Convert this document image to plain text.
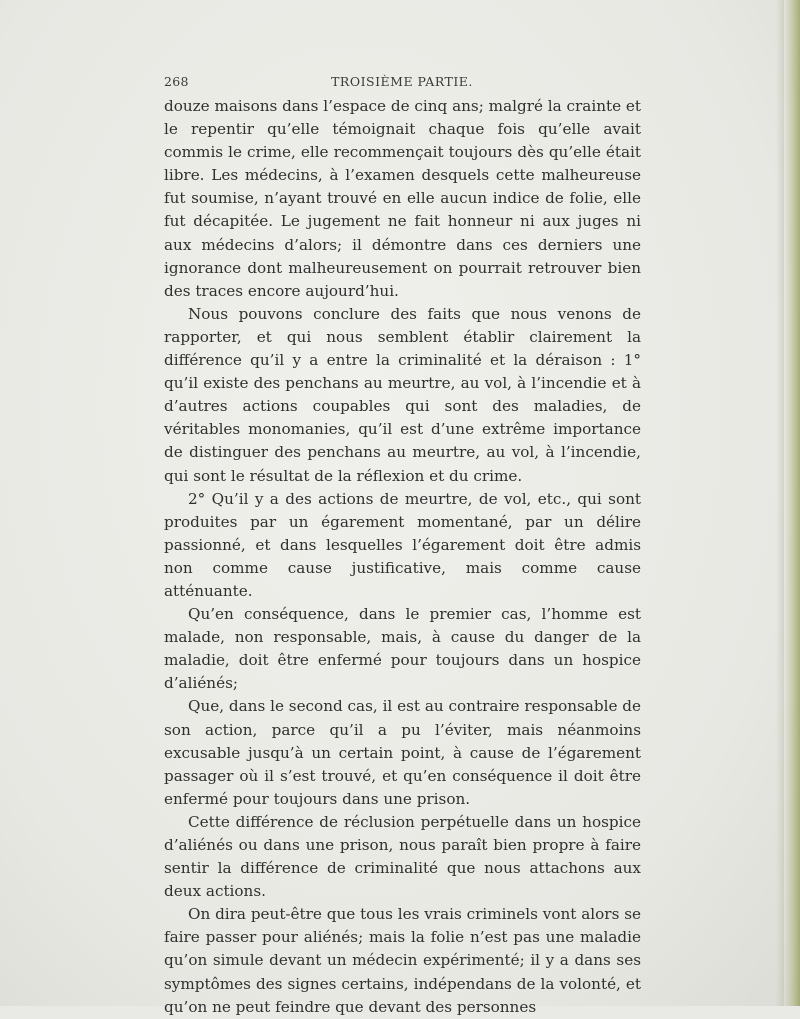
268	TROISIÈME PARTIE.

douze maisons dans l’espace de cinq ans; malgré la crainte et le repentir qu’elle témoignait chaque fois qu’elle avait commis le crime, elle recommençait toujours dès qu’elle était libre. Les médecins, à l’examen desquels cette malheureuse fut soumise, n’ayant trouvé en elle aucun indice de folie, elle fut décapitée. Le jugement ne fait honneur ni aux juges ni aux médecins d’alors; il démontre dans ces derniers une ignorance dont malheureusement on pourrait retrouver bien des traces encore aujourd’hui.

Nous pouvons conclure des faits que nous venons de rapporter, et qui nous semblent établir clairement la différence qu’il y a entre la criminalité et la déraison : 1° qu’il existe des penchans au meurtre, au vol, à l’incendie et à d’autres actions coupables qui sont des maladies, de véritables monomanies, qu’il est d’une extrême importance de distinguer des penchans au meurtre, au vol, à l’incendie, qui sont le résultat de la réflexion et du crime.

2° Qu’il y a des actions de meurtre, de vol, etc., qui sont produites par un égarement momentané, par un délire passionné, et dans lesquelles l’égarement doit être admis non comme cause justificative, mais comme cause atténuante.

Qu’en conséquence, dans le premier cas, l’homme est malade, non responsable, mais, à cause du danger de la maladie, doit être enfermé pour toujours dans un hospice d’aliénés;

Que, dans le second cas, il est au contraire responsable de son action, parce qu’il a pu l’éviter, mais néanmoins excusable jusqu’à un certain point, à cause de l’égarement passager où il s’est trouvé, et qu’en conséquence il doit être enfermé pour toujours dans une prison.

Cette différence de réclusion perpétuelle dans un hospice d’aliénés ou dans une prison, nous paraît bien propre à faire sentir la différence de criminalité que nous attachons aux deux actions.

On dira peut-être que tous les vrais criminels vont alors se faire passer pour aliénés; mais la folie n’est pas une maladie qu’on simule devant un médecin expérimenté; il y a dans ses symptômes des signes certains, indépendans de la volonté, et qu’on ne peut feindre que devant des personnes
